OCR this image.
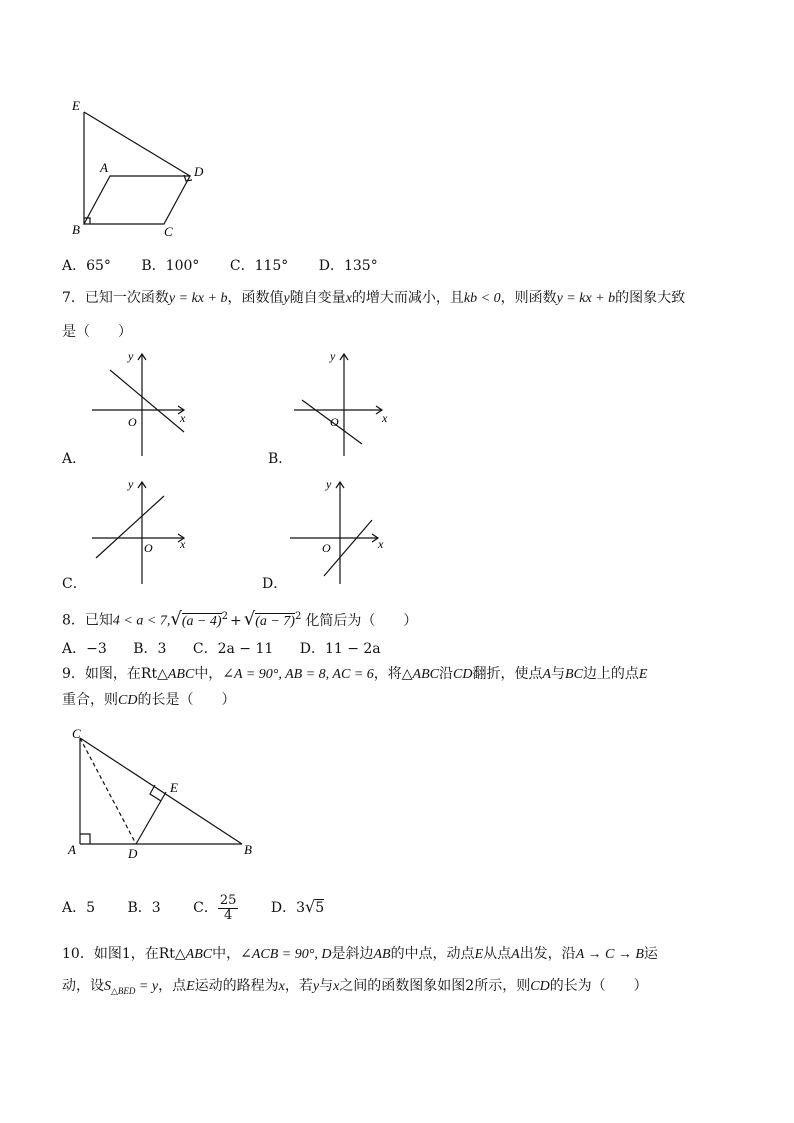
E
A	D
B	C
A．65° B．100° C．115° D．135°
7．已知一次函数y = kx + b，函数值y随自变量x的增大而减小，且kb < 0，则函数y = kx + b的图象大致
是（　　）
y
x
O
A．
y
x
O
B．
y
x
O
C．
y
x
O
D．
8．已知$4 < a < 7,√(a - 4)^2 + √(a - 7)^2$ 化简后为（　　）
A．−3 B．3 C．2a − 11 D．11 − 2a
9．如图，在Rt△ABC中，∠A = 90°, AB = 8, AC = 6，将△ABC沿CD翻折，使点A与BC边上的点E
重合，则CD的长是（　　）
C
E
A	D	B
A．5 B．3 C． $\frac{25}{4}$ D．3√5
10．如图1，在Rt△ABC中，∠ACB = 90°, D是斜边AB的中点，动点E从点A出发，沿A → C → B运
动，设$S_{\triangle BED} = y$，点E运动的路程为x，若y与x之间的函数图象如图2所示，则CD的长为（　　）
